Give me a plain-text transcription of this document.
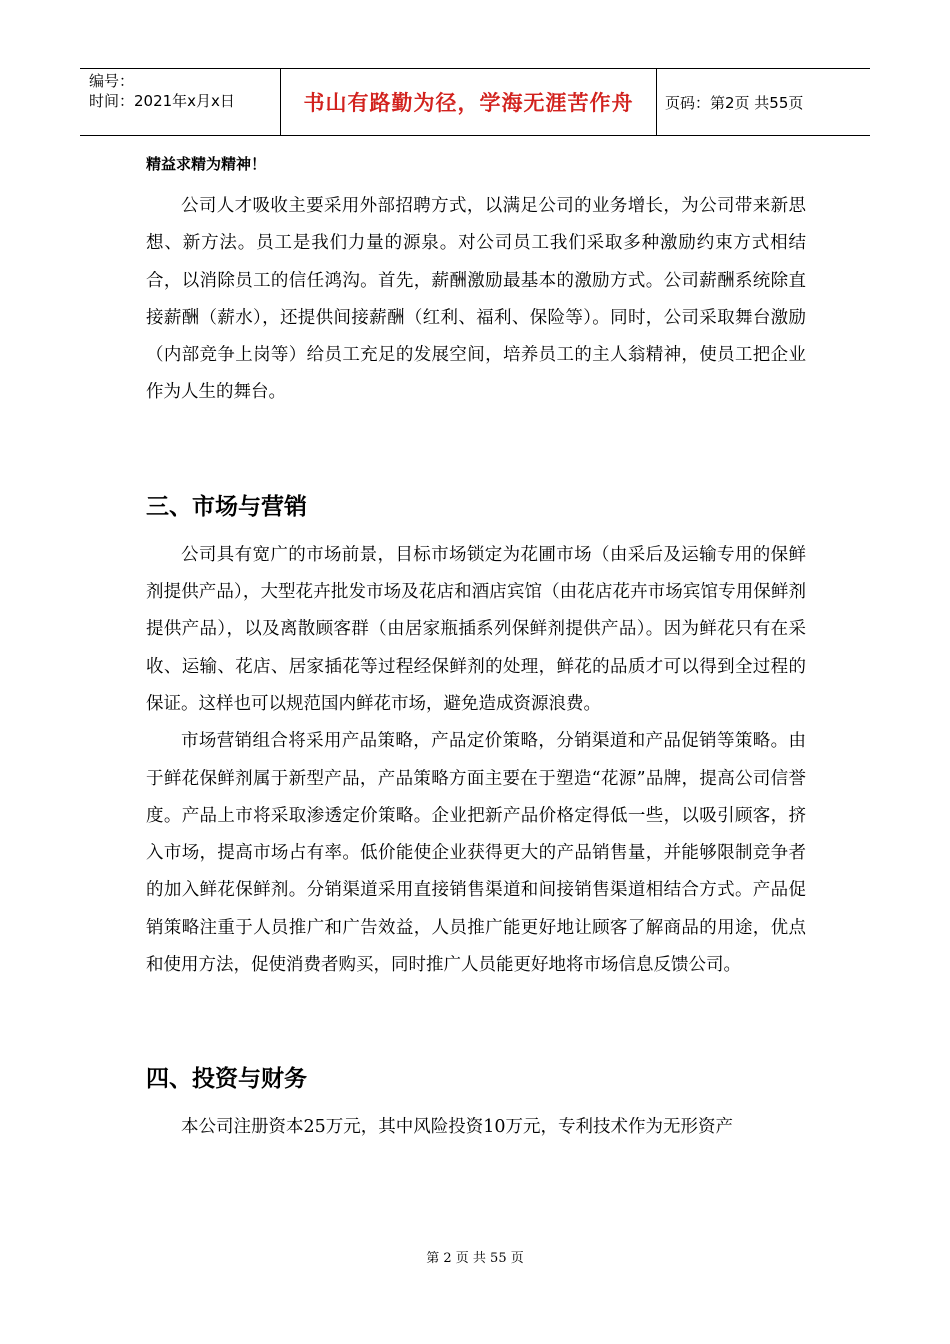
编号：
时间：2021年x月x日	书山有路勤为径，学海无涯苦作舟	页码：第2页 共55页
精益求精为精神！

公司人才吸收主要采用外部招聘方式，以满足公司的业务增长，为公司带来新思想、新方法。员工是我们力量的源泉。对公司员工我们采取多种激励约束方式相结合，以消除员工的信任鸿沟。首先，薪酬激励最基本的激励方式。公司薪酬系统除直接薪酬（薪水），还提供间接薪酬（红利、福利、保险等）。同时，公司采取舞台激励（内部竞争上岗等）给员工充足的发展空间，培养员工的主人翁精神，使员工把企业作为人生的舞台。

三、市场与营销

公司具有宽广的市场前景，目标市场锁定为花圃市场（由采后及运输专用的保鲜剂提供产品），大型花卉批发市场及花店和酒店宾馆（由花店花卉市场宾馆专用保鲜剂提供产品），以及离散顾客群（由居家瓶插系列保鲜剂提供产品）。因为鲜花只有在采收、运输、花店、居家插花等过程经保鲜剂的处理，鲜花的品质才可以得到全过程的保证。这样也可以规范国内鲜花市场，避免造成资源浪费。

市场营销组合将采用产品策略，产品定价策略，分销渠道和产品促销等策略。由于鲜花保鲜剂属于新型产品，产品策略方面主要在于塑造“花源”品牌，提高公司信誉度。产品上市将采取渗透定价策略。企业把新产品价格定得低一些，以吸引顾客，挤入市场，提高市场占有率。低价能使企业获得更大的产品销售量，并能够限制竞争者的加入鲜花保鲜剂。分销渠道采用直接销售渠道和间接销售渠道相结合方式。产品促销策略注重于人员推广和广告效益，人员推广能更好地让顾客了解商品的用途，优点和使用方法，促使消费者购买，同时推广人员能更好地将市场信息反馈公司。

四、投资与财务

本公司注册资本25万元，其中风险投资10万元，专利技术作为无形资产

第 2 页 共 55 页
